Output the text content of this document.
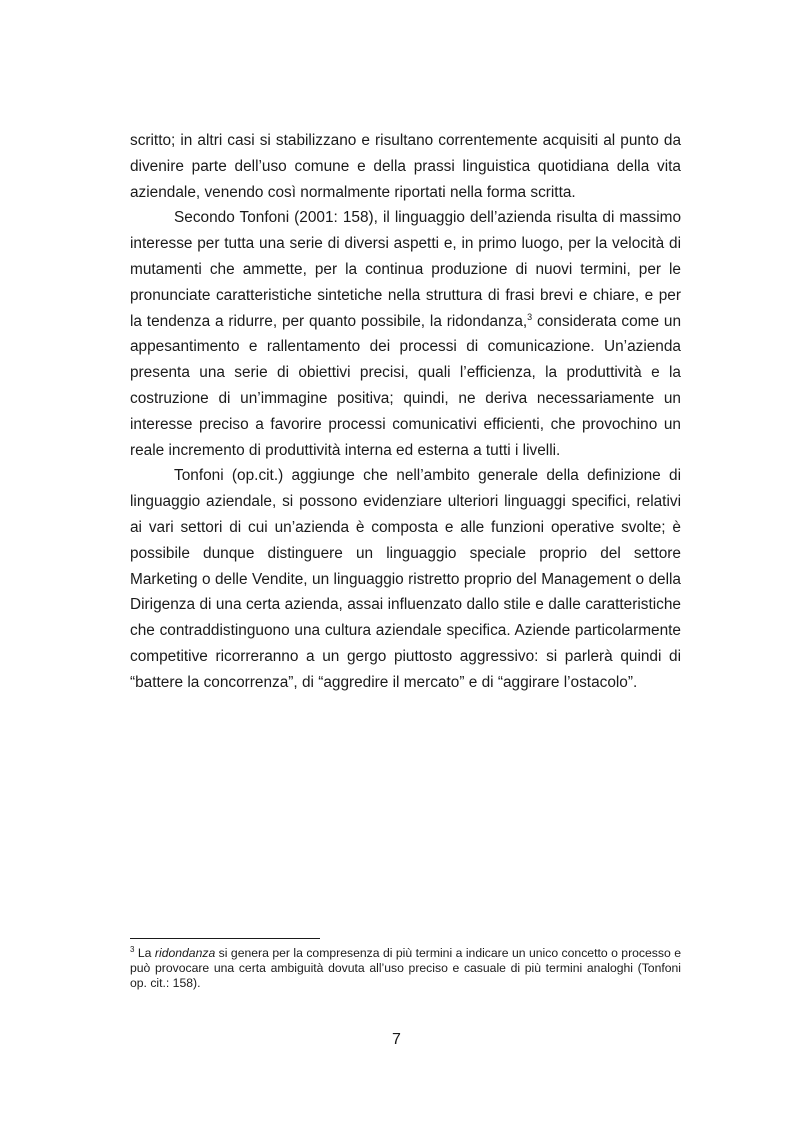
scritto; in altri casi si stabilizzano e risultano correntemente acquisiti al punto da divenire parte dell’uso comune e della prassi linguistica quotidiana della vita aziendale, venendo così normalmente riportati nella forma scritta.

Secondo Tonfoni (2001: 158), il linguaggio dell’azienda risulta di massimo interesse per tutta una serie di diversi aspetti e, in primo luogo, per la velocità di mutamenti che ammette, per la continua produzione di nuovi termini, per le pronunciate caratteristiche sintetiche nella struttura di frasi brevi e chiare, e per la tendenza a ridurre, per quanto possibile, la ridondanza,$^3$ considerata come un appesantimento e rallentamento dei processi di comunicazione. Un’azienda presenta una serie di obiettivi precisi, quali l’efficienza, la produttività e la costruzione di un’immagine positiva; quindi, ne deriva necessariamente un interesse preciso a favorire processi comunicativi efficienti, che provochino un reale incremento di produttività interna ed esterna a tutti i livelli.

Tonfoni (op.cit.) aggiunge che nell’ambito generale della definizione di linguaggio aziendale, si possono evidenziare ulteriori linguaggi specifici, relativi ai vari settori di cui un’azienda è composta e alle funzioni operative svolte; è possibile dunque distinguere un linguaggio speciale proprio del settore Marketing o delle Vendite, un linguaggio ristretto proprio del Management o della Dirigenza di una certa azienda, assai influenzato dallo stile e dalle caratteristiche che contraddistinguono una cultura aziendale specifica. Aziende particolarmente competitive ricorreranno a un gergo piuttosto aggressivo: si parlerà quindi di “battere la concorrenza”, di “aggredire il mercato” e di “aggirare l’ostacolo”.

$^3$ La ridondanza si genera per la compresenza di più termini a indicare un unico concetto o processo e può provocare una certa ambiguità dovuta all’uso preciso e casuale di più termini analoghi (Tonfoni op. cit.: 158).

7
